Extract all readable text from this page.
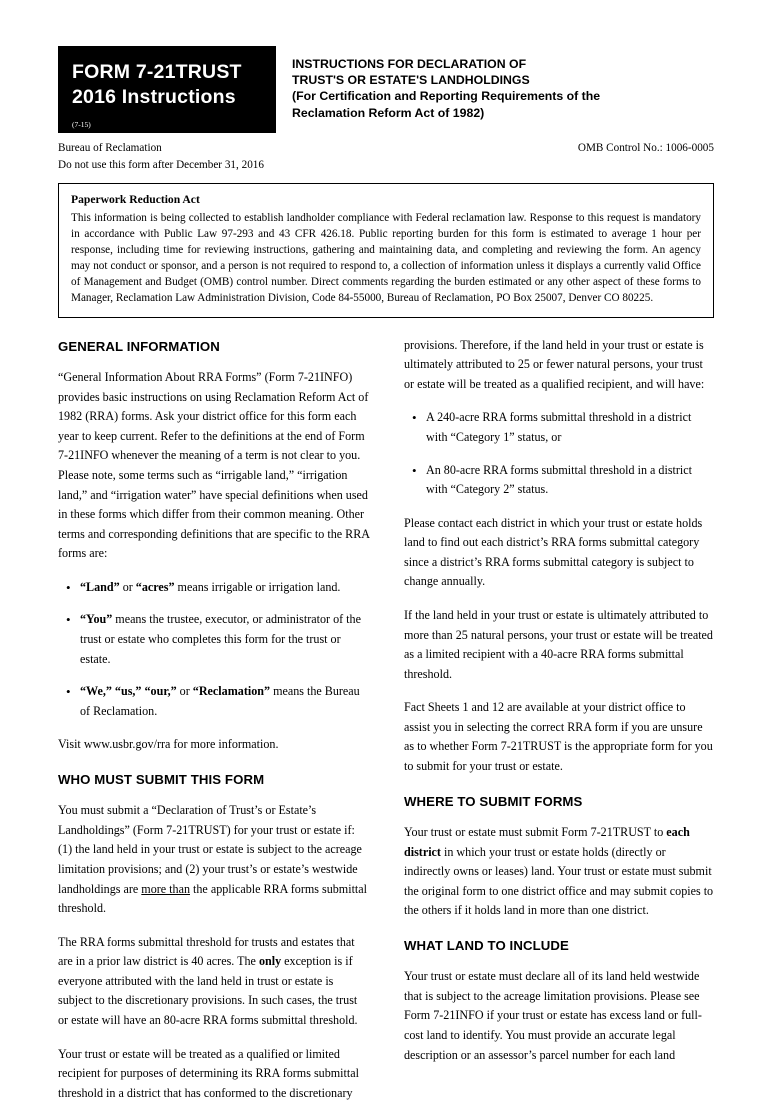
FORM 7-21TRUST
2016 Instructions
(7-15)
INSTRUCTIONS FOR DECLARATION OF
TRUST'S OR ESTATE'S LANDHOLDINGS
(For Certification and Reporting Requirements of the
Reclamation Reform Act of 1982)
Bureau of Reclamation	OMB Control No.: 1006-0005
Do not use this form after December 31, 2016
Paperwork Reduction Act
This information is being collected to establish landholder compliance with Federal reclamation law. Response to this request is mandatory in accordance with Public Law 97-293 and 43 CFR 426.18. Public reporting burden for this form is estimated to average 1 hour per response, including time for reviewing instructions, gathering and maintaining data, and completing and reviewing the form. An agency may not conduct or sponsor, and a person is not required to respond to, a collection of information unless it displays a currently valid Office of Management and Budget (OMB) control number. Direct comments regarding the burden estimated or any other aspect of these forms to Manager, Reclamation Law Administration Division, Code 84-55000, Bureau of Reclamation, PO Box 25007, Denver CO 80225.
GENERAL INFORMATION

“General Information About RRA Forms” (Form 7-21INFO) provides basic instructions on using Reclamation Reform Act of 1982 (RRA) forms. Ask your district office for this form each year to keep current. Refer to the definitions at the end of Form 7-21INFO whenever the meaning of a term is not clear to you. Please note, some terms such as “irrigable land,” “irrigation land,” and “irrigation water” have special definitions when used in these forms which differ from their common meaning. Other terms and corresponding definitions that are specific to the RRA forms are:

• “Land” or “acres” means irrigable or irrigation land.
• “You” means the trustee, executor, or administrator of the trust or estate who completes this form for the trust or estate.
• “We,” “us,” “our,” or “Reclamation” means the Bureau of Reclamation.

Visit www.usbr.gov/rra for more information.

WHO MUST SUBMIT THIS FORM

You must submit a “Declaration of Trust’s or Estate’s Landholdings” (Form 7-21TRUST) for your trust or estate if: (1) the land held in your trust or estate is subject to the acreage limitation provisions; and (2) your trust’s or estate’s westwide landholdings are more than the applicable RRA forms submittal threshold.

The RRA forms submittal threshold for trusts and estates that are in a prior law district is 40 acres. The only exception is if everyone attributed with the land held in trust or estate is subject to the discretionary provisions. In such cases, the trust or estate will have an 80-acre RRA forms submittal threshold.

Your trust or estate will be treated as a qualified or limited recipient for purposes of determining its RRA forms submittal threshold in a district that has conformed to the discretionary

provisions. Therefore, if the land held in your trust or estate is ultimately attributed to 25 or fewer natural persons, your trust or estate will be treated as a qualified recipient, and will have:

• A 240-acre RRA forms submittal threshold in a district with “Category 1” status, or
• An 80-acre RRA forms submittal threshold in a district with “Category 2” status.

Please contact each district in which your trust or estate holds land to find out each district’s RRA forms submittal category since a district’s RRA forms submittal category is subject to change annually.

If the land held in your trust or estate is ultimately attributed to more than 25 natural persons, your trust or estate will be treated as a limited recipient with a 40-acre RRA forms submittal threshold.

Fact Sheets 1 and 12 are available at your district office to assist you in selecting the correct RRA form if you are unsure as to whether Form 7-21TRUST is the appropriate form for you to submit for your trust or estate.

WHERE TO SUBMIT FORMS

Your trust or estate must submit Form 7-21TRUST to each district in which your trust or estate holds (directly or indirectly owns or leases) land. Your trust or estate must submit the original form to one district office and may submit copies to the others if it holds land in more than one district.

WHAT LAND TO INCLUDE

Your trust or estate must declare all of its land held westwide that is subject to the acreage limitation provisions. Please see Form 7-21INFO if your trust or estate has excess land or full-cost land to identify. You must provide an accurate legal description or an assessor’s parcel number for each land
